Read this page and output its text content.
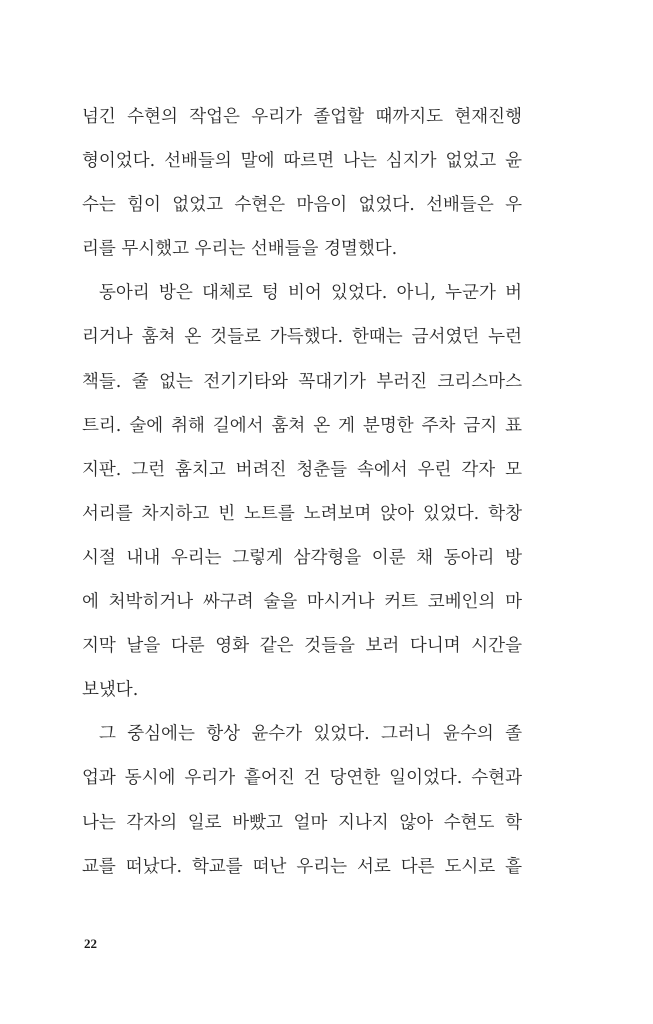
넘긴 수현의 작업은 우리가 졸업할 때까지도 현재진행
형이었다. 선배들의 말에 따르면 나는 심지가 없었고 윤
수는 힘이 없었고 수현은 마음이 없었다. 선배들은 우
리를 무시했고 우리는 선배들을 경멸했다.
동아리 방은 대체로 텅 비어 있었다. 아니, 누군가 버
리거나 훔쳐 온 것들로 가득했다. 한때는 금서였던 누런
책들. 줄 없는 전기기타와 꼭대기가 부러진 크리스마스
트리. 술에 취해 길에서 훔쳐 온 게 분명한 주차 금지 표
지판. 그런 훔치고 버려진 청춘들 속에서 우린 각자 모
서리를 차지하고 빈 노트를 노려보며 앉아 있었다. 학창
시절 내내 우리는 그렇게 삼각형을 이룬 채 동아리 방
에 처박히거나 싸구려 술을 마시거나 커트 코베인의 마
지막 날을 다룬 영화 같은 것들을 보러 다니며 시간을
보냈다.
그 중심에는 항상 윤수가 있었다. 그러니 윤수의 졸
업과 동시에 우리가 흩어진 건 당연한 일이었다. 수현과
나는 각자의 일로 바빴고 얼마 지나지 않아 수현도 학
교를 떠났다. 학교를 떠난 우리는 서로 다른 도시로 흩
22
